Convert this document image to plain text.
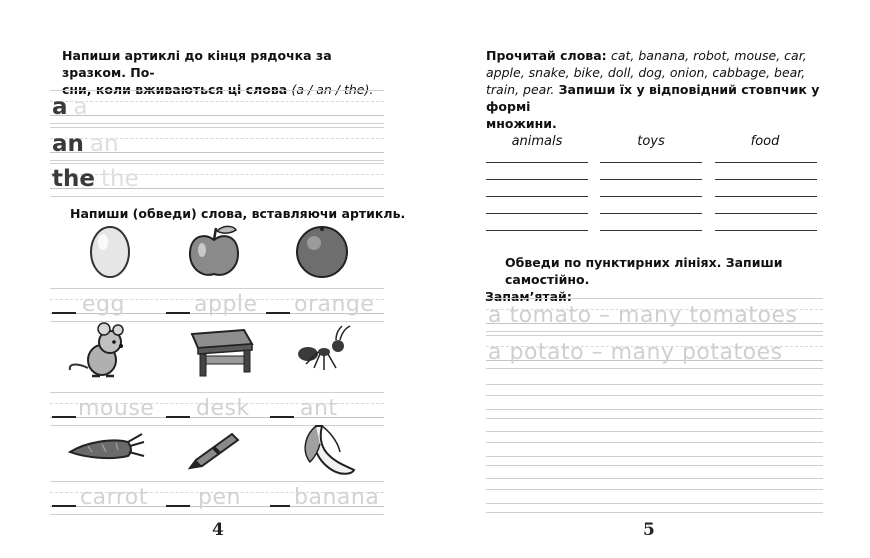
Напиши артиклі до кінця рядочка за зразком. По-
сни, коли вживаються ці слова (a / an / the).
a a
an an
the the
Напиши (обведи) слова, вставляючи артикль.
egg	apple orange
mouse desk ant
carrot pen banana
4
Прочитай слова: cat, banana, robot, mouse, car,
apple, snake, bike, doll, dog, onion, cabbage, bear,
train, pear. Запиши їх у відповідний стовпчик у формі
множини.
animals	toys	food
Обведи по пунктирних лініях. Запиши самостійно.
Запам’ятай:
a tomato – many tomatoes
a potato – many potatoes
5
